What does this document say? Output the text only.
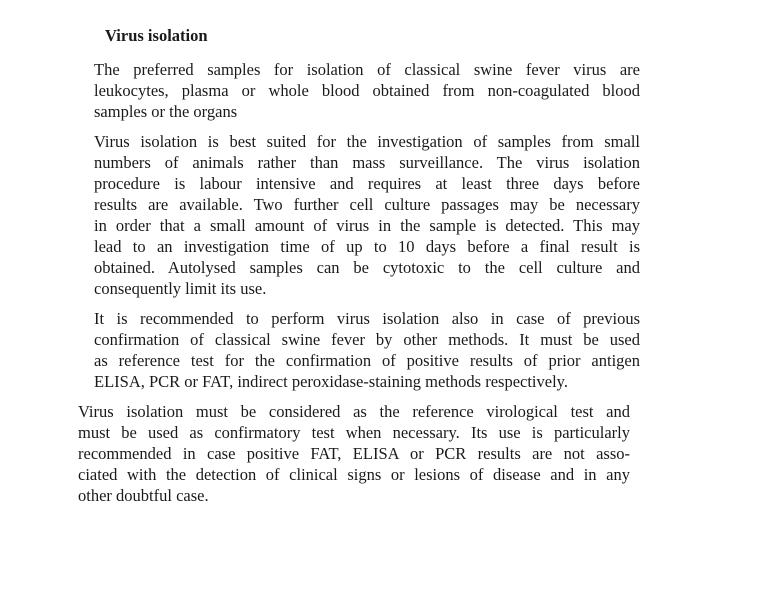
Virus isolation
The preferred samples for isolation of classical swine fever virus are
leukocytes, plasma or whole blood obtained from non-coagulated blood
samples or the organs
Virus isolation is best suited for the investigation of samples from small
numbers of animals rather than mass surveillance. The virus isolation
procedure is labour intensive and requires at least three days before
results are available. Two further cell culture passages may be necessary
in order that a small amount of virus in the sample is detected. This may
lead to an investigation time of up to 10 days before a final result is
obtained. Autolysed samples can be cytotoxic to the cell culture and
consequently limit its use.
It is recommended to perform virus isolation also in case of previous
confirmation of classical swine fever by other methods. It must be used
as reference test for the confirmation of positive results of prior antigen
ELISA, PCR or FAT, indirect peroxidase-staining methods respectively.
Virus isolation must be considered as the reference virological test and
must be used as confirmatory test when necessary. Its use is particularly
recommended in case positive FAT, ELISA or PCR results are not asso-
ciated with the detection of clinical signs or lesions of disease and in any
other doubtful case.
